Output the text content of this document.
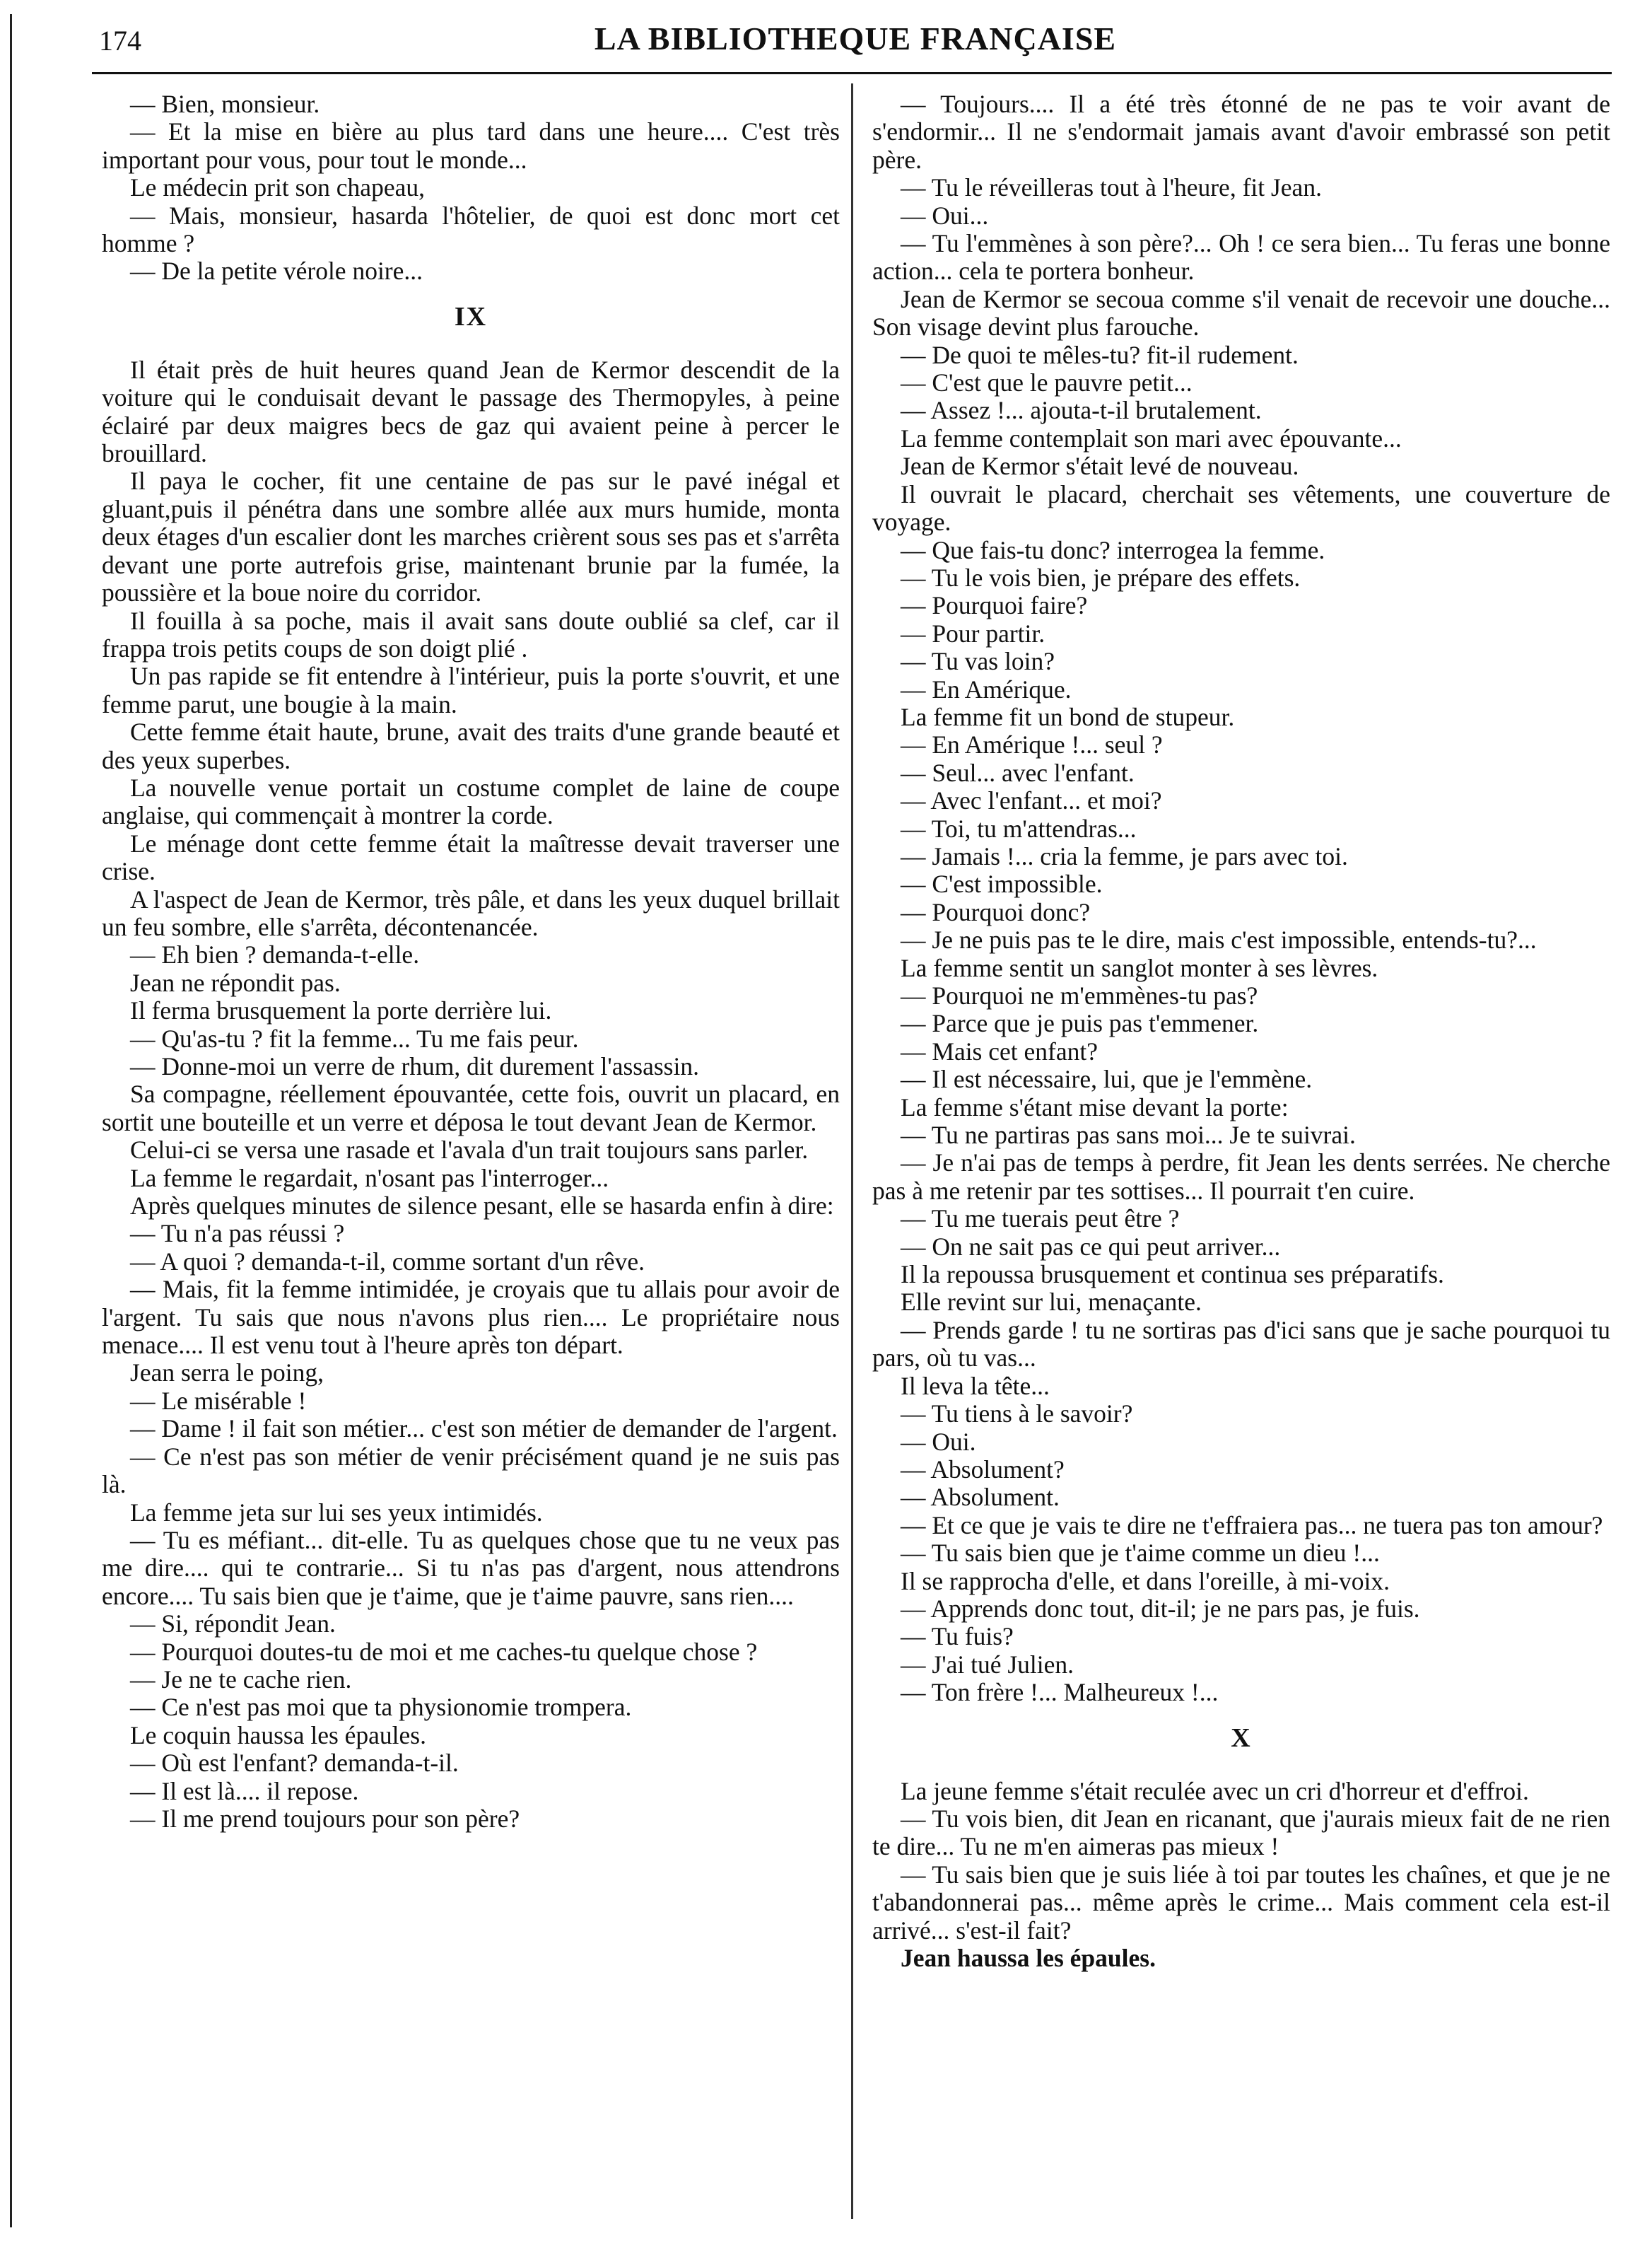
174	LA BIBLIOTHEQUE FRANÇAISE

— Bien, monsieur.

— Et la mise en bière au plus tard dans une heure.... C'est très important pour vous, pour tout le monde...

Le médecin prit son chapeau,

— Mais, monsieur, hasarda l'hôtelier, de quoi est donc mort cet homme ?

— De la petite vérole noire...

IX

Il était près de huit heures quand Jean de Kermor descendit de la voiture qui le conduisait devant le passage des Thermopyles, à peine éclairé par deux maigres becs de gaz qui avaient peine à percer le brouillard.

Il paya le cocher, fit une centaine de pas sur le pavé inégal et gluant,puis il pénétra dans une sombre allée aux murs humide, monta deux étages d'un escalier dont les marches crièrent sous ses pas et s'arrêta devant une porte autrefois grise, maintenant brunie par la fumée, la poussière et la boue noire du corridor.

Il fouilla à sa poche, mais il avait sans doute oublié sa clef, car il frappa trois petits coups de son doigt plié .

Un pas rapide se fit entendre à l'intérieur, puis la porte s'ouvrit, et une femme parut, une bougie à la main.

Cette femme était haute, brune, avait des traits d'une grande beauté et des yeux superbes.

La nouvelle venue portait un costume complet de laine de coupe anglaise, qui commençait à montrer la corde.

Le ménage dont cette femme était la maîtresse devait traverser une crise.

A l'aspect de Jean de Kermor, très pâle, et dans les yeux duquel brillait un feu sombre, elle s'arrêta, décontenancée.

— Eh bien ? demanda-t-elle.

Jean ne répondit pas.

Il ferma brusquement la porte derrière lui.

— Qu'as-tu ? fit la femme... Tu me fais peur.

— Donne-moi un verre de rhum, dit durement l'assassin.

Sa compagne, réellement épouvantée, cette fois, ouvrit un placard, en sortit une bouteille et un verre et déposa le tout devant Jean de Kermor.

Celui-ci se versa une rasade et l'avala d'un trait toujours sans parler.

La femme le regardait, n'osant pas l'interroger...

Après quelques minutes de silence pesant, elle se hasarda enfin à dire:

— Tu n'a pas réussi ?

— A quoi ? demanda-t-il, comme sortant d'un rêve.

— Mais, fit la femme intimidée, je croyais que tu allais pour avoir de l'argent. Tu sais que nous n'avons plus rien.... Le propriétaire nous menace.... Il est venu tout à l'heure après ton départ.

Jean serra le poing,

— Le misérable !

— Dame ! il fait son métier... c'est son métier de demander de l'argent.

— Ce n'est pas son métier de venir précisément quand je ne suis pas là.

La femme jeta sur lui ses yeux intimidés.

— Tu es méfiant... dit-elle. Tu as quelques chose que tu ne veux pas me dire.... qui te contrarie... Si tu n'as pas d'argent, nous attendrons encore.... Tu sais bien que je t'aime, que je t'aime pauvre, sans rien....

— Si, répondit Jean.

— Pourquoi doutes-tu de moi et me caches-tu quelque chose ?

— Je ne te cache rien.

— Ce n'est pas moi que ta physionomie trompera.

Le coquin haussa les épaules.

— Où est l'enfant? demanda-t-il.

— Il est là.... il repose.

— Il me prend toujours pour son père?

— Toujours.... Il a été très étonné de ne pas te voir avant de s'endormir... Il ne s'endormait jamais avant d'avoir embrassé son petit père.

— Tu le réveilleras tout à l'heure, fit Jean.

— Oui...

— Tu l'emmènes à son père?... Oh ! ce sera bien... Tu feras une bonne action... cela te portera bonheur.

Jean de Kermor se secoua comme s'il venait de recevoir une douche... Son visage devint plus farouche.

— De quoi te mêles-tu? fit-il rudement.

— C'est que le pauvre petit...

— Assez !... ajouta-t-il brutalement.

La femme contemplait son mari avec épouvante...

Jean de Kermor s'était levé de nouveau.

Il ouvrait le placard, cherchait ses vêtements, une couverture de voyage.

— Que fais-tu donc? interrogea la femme.

— Tu le vois bien, je prépare des effets.

— Pourquoi faire?

— Pour partir.

— Tu vas loin?

— En Amérique.

La femme fit un bond de stupeur.

— En Amérique !... seul ?

— Seul... avec l'enfant.

— Avec l'enfant... et moi?

— Toi, tu m'attendras...

— Jamais !... cria la femme, je pars avec toi.

— C'est impossible.

— Pourquoi donc?

— Je ne puis pas te le dire, mais c'est impossible, entends-tu?...

La femme sentit un sanglot monter à ses lèvres.

— Pourquoi ne m'emmènes-tu pas?

— Parce que je puis pas t'emmener.

— Mais cet enfant?

— Il est nécessaire, lui, que je l'emmène.

La femme s'étant mise devant la porte:

— Tu ne partiras pas sans moi... Je te suivrai.

— Je n'ai pas de temps à perdre, fit Jean les dents serrées. Ne cherche pas à me retenir par tes sottises... Il pourrait t'en cuire.

— Tu me tuerais peut être ?

— On ne sait pas ce qui peut arriver...

Il la repoussa brusquement et continua ses préparatifs.

Elle revint sur lui, menaçante.

— Prends garde ! tu ne sortiras pas d'ici sans que je sache pourquoi tu pars, où tu vas...

Il leva la tête...

— Tu tiens à le savoir?

— Oui.

— Absolument?

— Absolument.

— Et ce que je vais te dire ne t'effraiera pas... ne tuera pas ton amour?

— Tu sais bien que je t'aime comme un dieu !...

Il se rapprocha d'elle, et dans l'oreille, à mi-voix.

— Apprends donc tout, dit-il; je ne pars pas, je fuis.

— Tu fuis?

— J'ai tué Julien.

— Ton frère !... Malheureux !...

X

La jeune femme s'était reculée avec un cri d'horreur et d'effroi.

— Tu vois bien, dit Jean en ricanant, que j'aurais mieux fait de ne rien te dire... Tu ne m'en aimeras pas mieux !

— Tu sais bien que je suis liée à toi par toutes les chaînes, et que je ne t'abandonnerai pas... même après le crime... Mais comment cela est-il arrivé... s'est-il fait?

Jean haussa les épaules.
